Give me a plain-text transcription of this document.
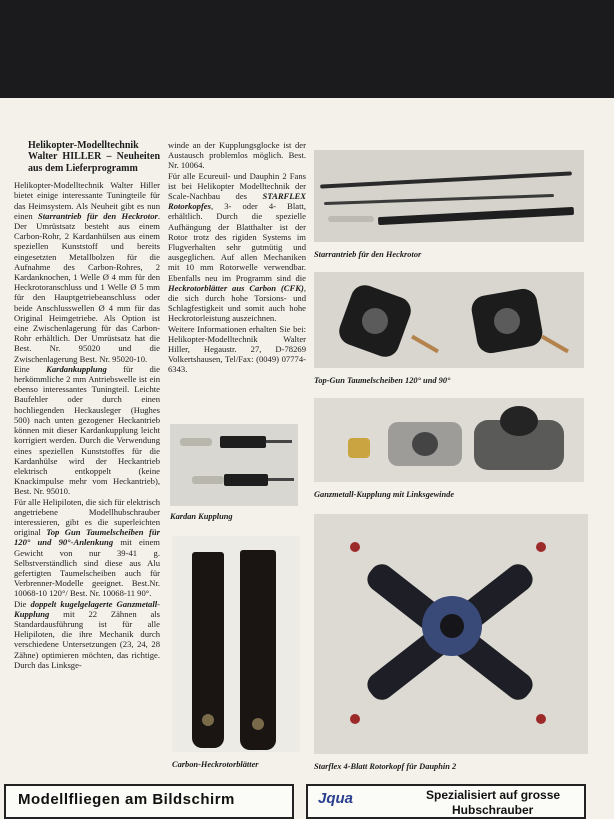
Helikopter-Modelltechnik Walter HILLER – Neuheiten aus dem Lieferprogramm

Helikopter-Modelltechnik Walter Hiller bietet einige interessante Tuningteile für das Heimsystem. Als Neuheit gibt es nun einen Starrantrieb für den Heckrotor. Der Umrüstsatz besteht aus einem Carbon-Rohr, 2 Kardanhülsen aus einem speziellen Kunststoff und bereits eingesetzten Metallbolzen für die Aufnahme des Carbon-Rohres, 2 Kardanknochen, 1 Welle Ø 4 mm für den Heckrotoranschluss und 1 Welle Ø 5 mm für den Hauptgetriebeanschluss oder beide Anschlusswellen Ø 4 mm für das Original Heimgetriebe. Als Option ist eine Zwischenlagerung für das Carbon-Rohr erhältlich. Der Umrüstsatz hat die Best. Nr. 95020 und die Zwischenlagerung Best. Nr. 95020-10.

Eine Kardankupplung für die herkömmliche 2 mm Antriebswelle ist ein ebenso interessantes Tuningteil. Leichte Baufehler oder durch einen hochliegenden Heckausleger (Hughes 500) nach unten gezogener Heckantrieb können mit dieser Kardankupplung leicht korrigiert werden. Durch die Verwendung eines speziellen Kunststoffes für die Kardanhülse wird der Heckantrieb elektrisch entkoppelt (keine Knackimpulse mehr vom Heckantrieb), Best. Nr. 95010.

Für alle Helipiloten, die sich für elektrisch angetriebene Modellhubschrauber interessieren, gibt es die superleichten original Top Gun Taumelscheiben für 120° und 90°-Anlenkung mit einem Gewicht von nur 39-41 g. Selbstverständlich sind diese aus Alu gefertigten Taumelscheiben auch für Verbrenner-Modelle geeignet. Best.Nr. 10068-10 120°/ Best. Nr. 10068-11 90°.

Die doppelt kugelgelagerte Ganzmetall-Kupplung mit 22 Zähnen als Standardausführung ist für alle Helipiloten, die ihre Mechanik durch verschiedene Untersetzungen (23, 24, 28 Zähne) optimieren möchten, das richtige. Durch das Linksge-

winde an der Kupplungsglocke ist der Austausch problemlos möglich. Best. Nr. 10064.

Für alle Ecureuil- und Dauphin 2 Fans ist bei Helikopter Modelltechnik der Scale-Nachbau des STARFLEX Rotorkopfes, 3- oder 4- Blatt, erhältlich. Durch die spezielle Aufhängung der Blatthalter ist der Rotor trotz des rigiden Systems im Flugverhalten sehr gutmütig und ausgeglichen. Auf allen Mechaniken mit 10 mm Rotorwelle verwendbar. Ebenfalls neu im Programm sind die Heckrotorblätter aus Carbon (CFK), die sich durch hohe Torsions- und Schlagfestigkeit und somit auch hohe Heckrotorleistung auszeichnen.

Weitere Informationen erhalten Sie bei: Helikopter-Modelltechnik Walter Hiller, Hegaustr. 27, D-78269 Volkertshausen, Tel/Fax: (0049) 07774-6343.

Kardan Kupplung
Carbon-Heckrotorblätter
Starrantrieb für den Heckrotor
Top-Gun Taumelscheiben 120° und 90°
Ganzmetall-Kupplung mit Linksgewinde
Starflex 4-Blatt Rotorkopf für Dauphin 2
Modellfliegen am Bildschirm	Jqua	Spezialisiert auf grosse
Hubschrauber
